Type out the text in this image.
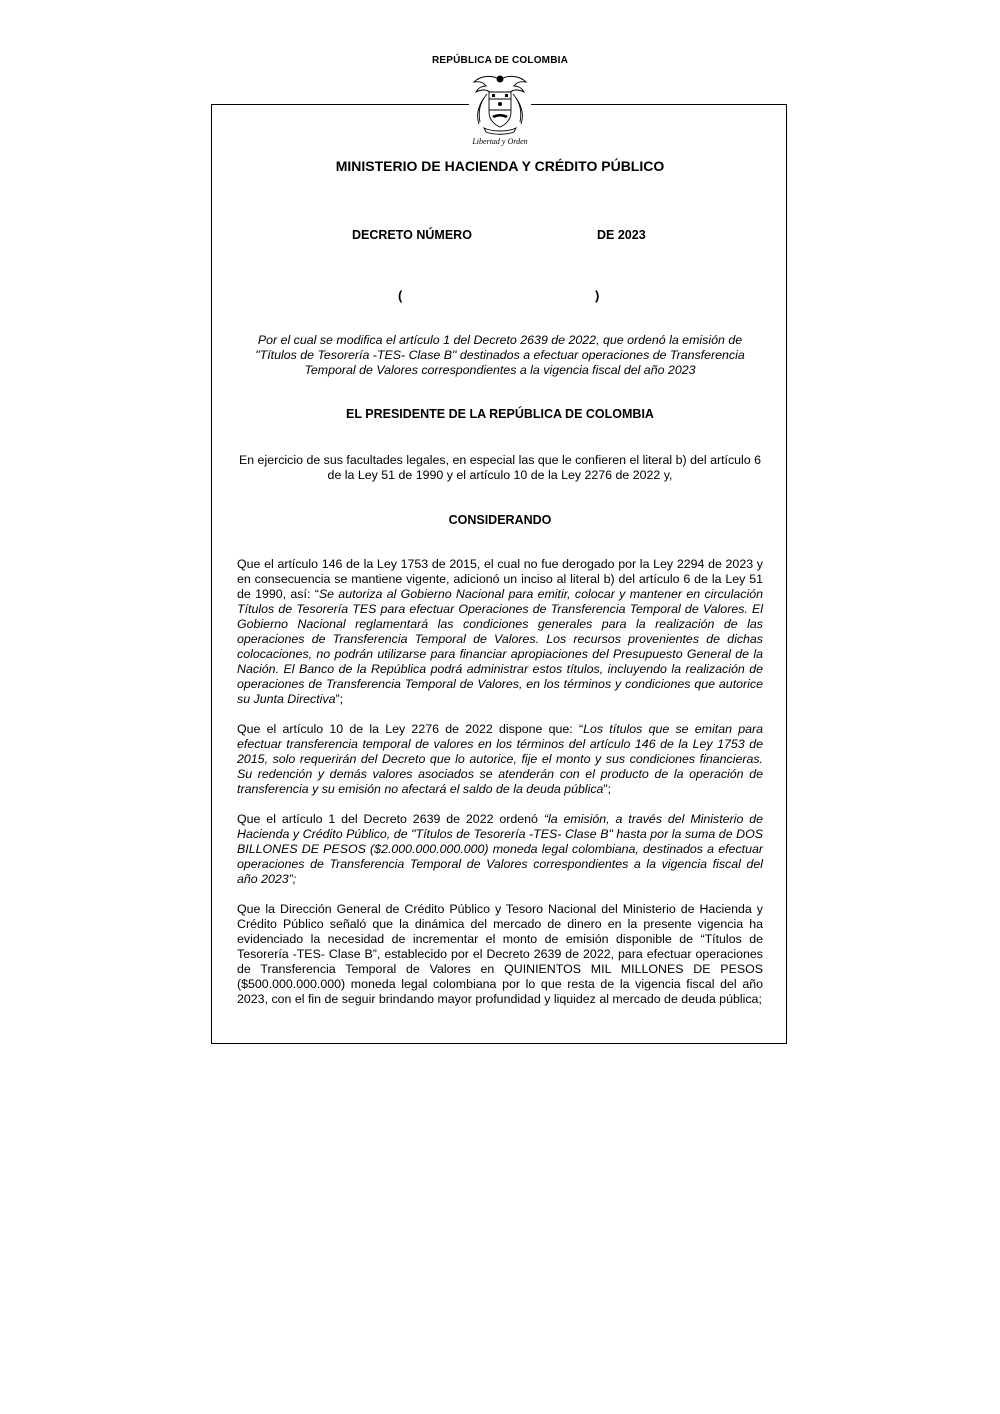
REPÚBLICA DE COLOMBIA
Libertad y Orden
MINISTERIO DE HACIENDA Y CRÉDITO PÚBLICO
DECRETO NÚMERO	DE 2023
(	)
Por el cual se modifica el artículo 1 del Decreto 2639 de 2022, que ordenó la emisión de "Títulos de Tesorería -TES- Clase B" destinados a efectuar operaciones de Transferencia Temporal de Valores correspondientes a la vigencia fiscal del año 2023
EL PRESIDENTE DE LA REPÚBLICA DE COLOMBIA
En ejercicio de sus facultades legales, en especial las que le confieren el literal b) del artículo 6 de la Ley 51 de 1990 y el artículo 10 de la Ley 2276 de 2022 y,
CONSIDERANDO

Que el artículo 146 de la Ley 1753 de 2015, el cual no fue derogado por la Ley 2294 de 2023 y en consecuencia se mantiene vigente, adicionó un inciso al literal b) del artículo 6 de la Ley 51 de 1990, así: “Se autoriza al Gobierno Nacional para emitir, colocar y mantener en circulación Títulos de Tesorería TES para efectuar Operaciones de Transferencia Temporal de Valores. El Gobierno Nacional reglamentará las condiciones generales para la realización de las operaciones de Transferencia Temporal de Valores. Los recursos provenientes de dichas colocaciones, no podrán utilizarse para financiar apropiaciones del Presupuesto General de la Nación. El Banco de la República podrá administrar estos títulos, incluyendo la realización de operaciones de Transferencia Temporal de Valores, en los términos y condiciones que autorice su Junta Directiva”;

Que el artículo 10 de la Ley 2276 de 2022 dispone que: “Los títulos que se emitan para efectuar transferencia temporal de valores en los términos del artículo 146 de la Ley 1753 de 2015, solo requerirán del Decreto que lo autorice, fije el monto y sus condiciones financieras. Su redención y demás valores asociados se atenderán con el producto de la operación de transferencia y su emisión no afectará el saldo de la deuda pública”;

Que el artículo 1 del Decreto 2639 de 2022 ordenó “la emisión, a través del Ministerio de Hacienda y Crédito Público, de "Títulos de Tesorería -TES- Clase B" hasta por la suma de DOS BILLONES DE PESOS ($2.000.000.000.000) moneda legal colombiana, destinados a efectuar operaciones de Transferencia Temporal de Valores correspondientes a la vigencia fiscal del año 2023”;

Que la Dirección General de Crédito Público y Tesoro Nacional del Ministerio de Hacienda y Crédito Público señaló que la dinámica del mercado de dinero en la presente vigencia ha evidenciado la necesidad de incrementar el monto de emisión disponible de “Títulos de Tesorería -TES- Clase B”, establecido por el Decreto 2639 de 2022, para efectuar operaciones de Transferencia Temporal de Valores en QUINIENTOS MIL MILLONES DE PESOS ($500.000.000.000) moneda legal colombiana por lo que resta de la vigencia fiscal del año 2023, con el fin de seguir brindando mayor profundidad y liquidez al mercado de deuda pública;
